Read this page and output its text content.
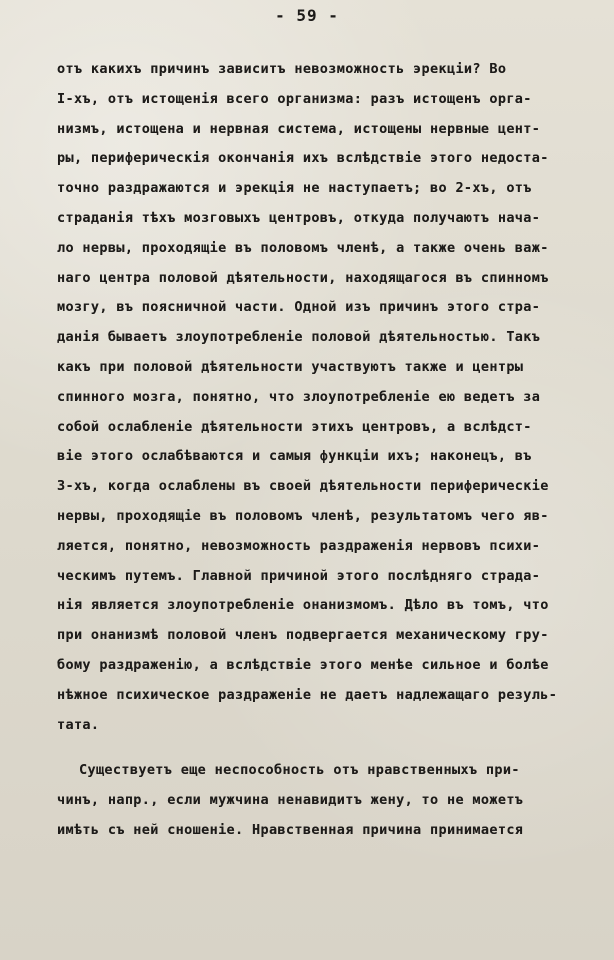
- 59 -
отъ какихъ причинъ зависитъ невозможность эрекцiи? Во
I-хъ, отъ истощенiя всего организма: разъ истощенъ орга-
низмъ, истощена и нервная система, истощены нервные цент-
ры, периферическiя окончанiя ихъ вслѣдствiе этого недоста-
точно раздражаются и эрекцiя не наступаетъ; во 2-хъ, отъ
страданiя тѣхъ мозговыхъ центровъ, откуда получаютъ нача-
ло нервы, проходящiе въ половомъ членѣ, а также очень важ-
наго центра половой дѣятельности, находящагося въ спинномъ
мозгу, въ поясничной части. Одной изъ причинъ этого стра-
данiя бываетъ злоупотребленiе половой дѣятельностью. Такъ
какъ при половой дѣятельности участвуютъ также и центры
спинного мозга, понятно, что злоупотребленiе ею ведетъ за
собой ослабленiе дѣятельности этихъ центровъ, а вслѣдст-
вiе этого ослабѣваются и самыя функцiи ихъ; наконецъ, въ
3-хъ, когда ослаблены въ своей дѣятельности периферическiе
нервы, проходящiе въ половомъ членѣ, результатомъ чего яв-
ляется, понятно, невозможность раздраженiя нервовъ психи-
ческимъ путемъ. Главной причиной этого послѣдняго страда-
нiя является злоупотребленiе онанизмомъ. Дѣло въ томъ, что
при онанизмѣ половой членъ подвергается механическому гру-
бому раздраженiю, а вслѣдствiе этого менѣе сильное и болѣе
нѣжное психическое раздраженiе не даетъ надлежащаго резуль-
тата.
Существуетъ еще неспособность отъ нравственныхъ при-
чинъ, напр., если мужчина ненавидитъ жену, то не можетъ
имѣть съ ней сношенiе. Нравственная причина принимается
